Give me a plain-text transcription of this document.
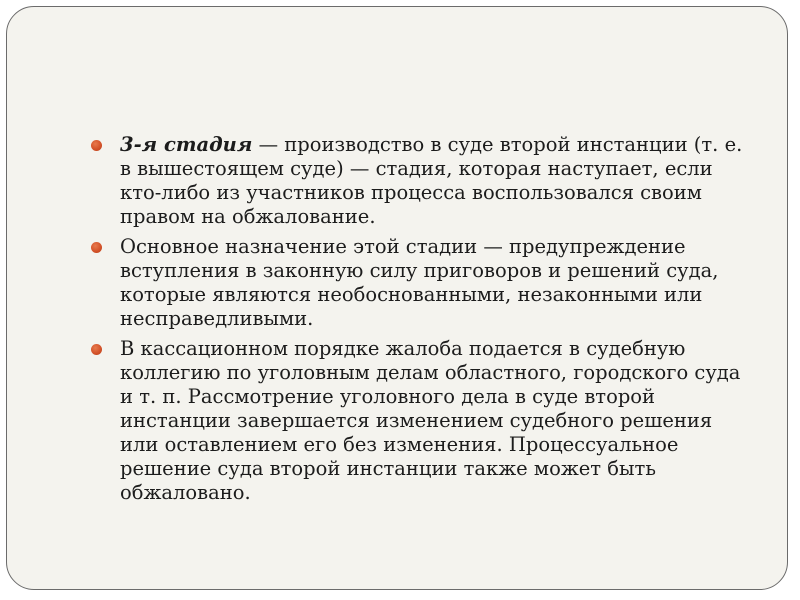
3-я стадия — производство в суде второй инстанции (т. е. в вышестоящем суде) — стадия, которая наступает, если кто-либо из участников процесса воспользовался своим правом на обжалование.
Основное назначение этой стадии — предупреждение вступления в законную силу приговоров и решений суда, которые являются необоснованными, незаконными или несправедливыми.
В кассационном порядке жалоба подается в судебную коллегию по уголовным делам областного, городского суда и т. п. Рассмотрение уголовного дела в суде второй инстанции завершается изменением судебного решения или оставлением его без изменения. Процессуальное решение суда второй инстанции также может быть обжаловано.
